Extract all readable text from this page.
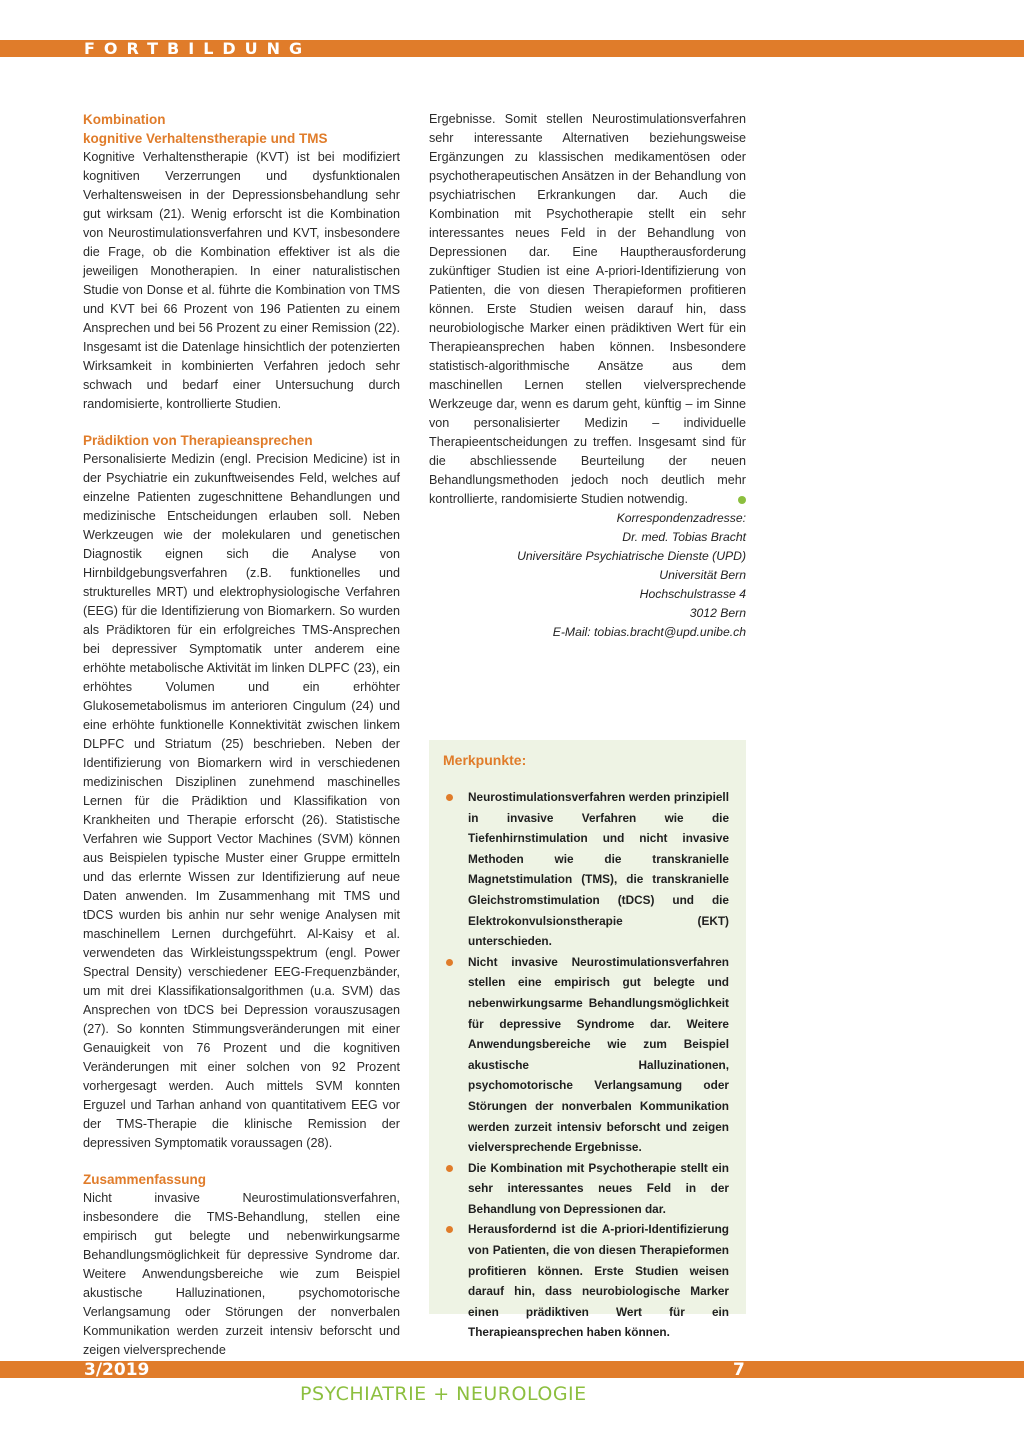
FORTBILDUNG
Kombination
kognitive Verhaltenstherapie und TMS

Kognitive Verhaltenstherapie (KVT) ist bei modifiziert kognitiven Verzerrungen und dysfunktionalen Verhaltensweisen in der Depressionsbehandlung sehr gut wirksam (21). Wenig erforscht ist die Kombination von Neurostimulationsverfahren und KVT, insbesondere die Frage, ob die Kombination effektiver ist als die jeweiligen Monotherapien. In einer naturalistischen Studie von Donse et al. führte die Kombination von TMS und KVT bei 66 Prozent von 196 Patienten zu einem Ansprechen und bei 56 Prozent zu einer Remission (22). Insgesamt ist die Datenlage hinsichtlich der potenzierten Wirksamkeit in kombinierten Verfahren jedoch sehr schwach und bedarf einer Untersuchung durch randomisierte, kontrollierte Studien.

Prädiktion von Therapieansprechen

Personalisierte Medizin (engl. Precision Medicine) ist in der Psychiatrie ein zukunftweisendes Feld, welches auf einzelne Patienten zugeschnittene Behandlungen und medizinische Entscheidungen erlauben soll. Neben Werkzeugen wie der molekularen und genetischen Diagnostik eignen sich die Analyse von Hirnbildgebungsverfahren (z.B. funktionelles und strukturelles MRT) und elektrophysiologische Verfahren (EEG) für die Identifizierung von Biomarkern. So wurden als Prädiktoren für ein erfolgreiches TMS-Ansprechen bei depressiver Symptomatik unter anderem eine erhöhte metabolische Aktivität im linken DLPFC (23), ein erhöhtes Volumen und ein erhöhter Glukosemetabolismus im anterioren Cingulum (24) und eine erhöhte funktionelle Konnektivität zwischen linkem DLPFC und Striatum (25) beschrieben. Neben der Identifizierung von Biomarkern wird in verschiedenen medizinischen Disziplinen zunehmend maschinelles Lernen für die Prädiktion und Klassifikation von Krankheiten und Therapie erforscht (26). Statistische Verfahren wie Support Vector Machines (SVM) können aus Beispielen typische Muster einer Gruppe ermitteln und das erlernte Wissen zur Identifizierung auf neue Daten anwenden. Im Zusammenhang mit TMS und tDCS wurden bis anhin nur sehr wenige Analysen mit maschinellem Lernen durchgeführt. Al-Kaisy et al. verwendeten das Wirkleistungsspektrum (engl. Power Spectral Density) verschiedener EEG-Frequenzbänder, um mit drei Klassifikationsalgorithmen (u.a. SVM) das Ansprechen von tDCS bei Depression vorauszusagen (27). So konnten Stimmungsveränderungen mit einer Genauigkeit von 76 Prozent und die kognitiven Veränderungen mit einer solchen von 92 Prozent vorhergesagt werden. Auch mittels SVM konnten Erguzel und Tarhan anhand von quantitativem EEG vor der TMS-Therapie die klinische Remission der depressiven Symptomatik voraussagen (28).

Zusammenfassung

Nicht invasive Neurostimulationsverfahren, insbesondere die TMS-Behandlung, stellen eine empirisch gut belegte und nebenwirkungsarme Behandlungsmöglichkeit für depressive Syndrome dar. Weitere Anwendungsbereiche wie zum Beispiel akustische Halluzinationen, psychomotorische Verlangsamung oder Störungen der nonverbalen Kommunikation werden zurzeit intensiv beforscht und zeigen vielversprechende

Ergebnisse. Somit stellen Neurostimulationsverfahren sehr interessante Alternativen beziehungsweise Ergänzungen zu klassischen medikamentösen oder psychotherapeutischen Ansätzen in der Behandlung von psychiatrischen Erkrankungen dar. Auch die Kombination mit Psychotherapie stellt ein sehr interessantes neues Feld in der Behandlung von Depressionen dar. Eine Hauptherausforderung zukünftiger Studien ist eine A-priori-Identifizierung von Patienten, die von diesen Therapieformen profitieren können. Erste Studien weisen darauf hin, dass neurobiologische Marker einen prädiktiven Wert für ein Therapieansprechen haben können. Insbesondere statistisch-algorithmische Ansätze aus dem maschinellen Lernen stellen vielversprechende Werkzeuge dar, wenn es darum geht, künftig – im Sinne von personalisierter Medizin – individuelle Therapieentscheidungen zu treffen. Insgesamt sind für die abschliessende Beurteilung der neuen Behandlungsmethoden jedoch noch deutlich mehr kontrollierte, randomisierte Studien notwendig.

Korrespondenzadresse:
Dr. med. Tobias Bracht
Universitäre Psychiatrische Dienste (UPD)
Universität Bern
Hochschulstrasse 4
3012 Bern
E-Mail: tobias.bracht@upd.unibe.ch
Merkpunkte:
Neurostimulationsverfahren werden prinzipiell in invasive Verfahren wie die Tiefenhirnstimulation und nicht invasive Methoden wie die transkranielle Magnetstimulation (TMS), die transkranielle Gleichstromstimulation (tDCS) und die Elektrokonvulsionstherapie (EKT) unterschieden.
Nicht invasive Neurostimulationsverfahren stellen eine empirisch gut belegte und nebenwirkungsarme Behandlungsmöglichkeit für depressive Syndrome dar. Weitere Anwendungsbereiche wie zum Beispiel akustische Halluzinationen, psychomotorische Verlangsamung oder Störungen der nonverbalen Kommunikation werden zurzeit intensiv beforscht und zeigen vielversprechende Ergebnisse.
Die Kombination mit Psychotherapie stellt ein sehr interessantes neues Feld in der Behandlung von Depressionen dar.
Herausfordernd ist die A-priori-Identifizierung von Patienten, die von diesen Therapieformen profitieren können. Erste Studien weisen darauf hin, dass neurobiologische Marker einen prädiktiven Wert für ein Therapieansprechen haben können.
3/2019	7
PSYCHIATRIE + NEUROLOGIE
